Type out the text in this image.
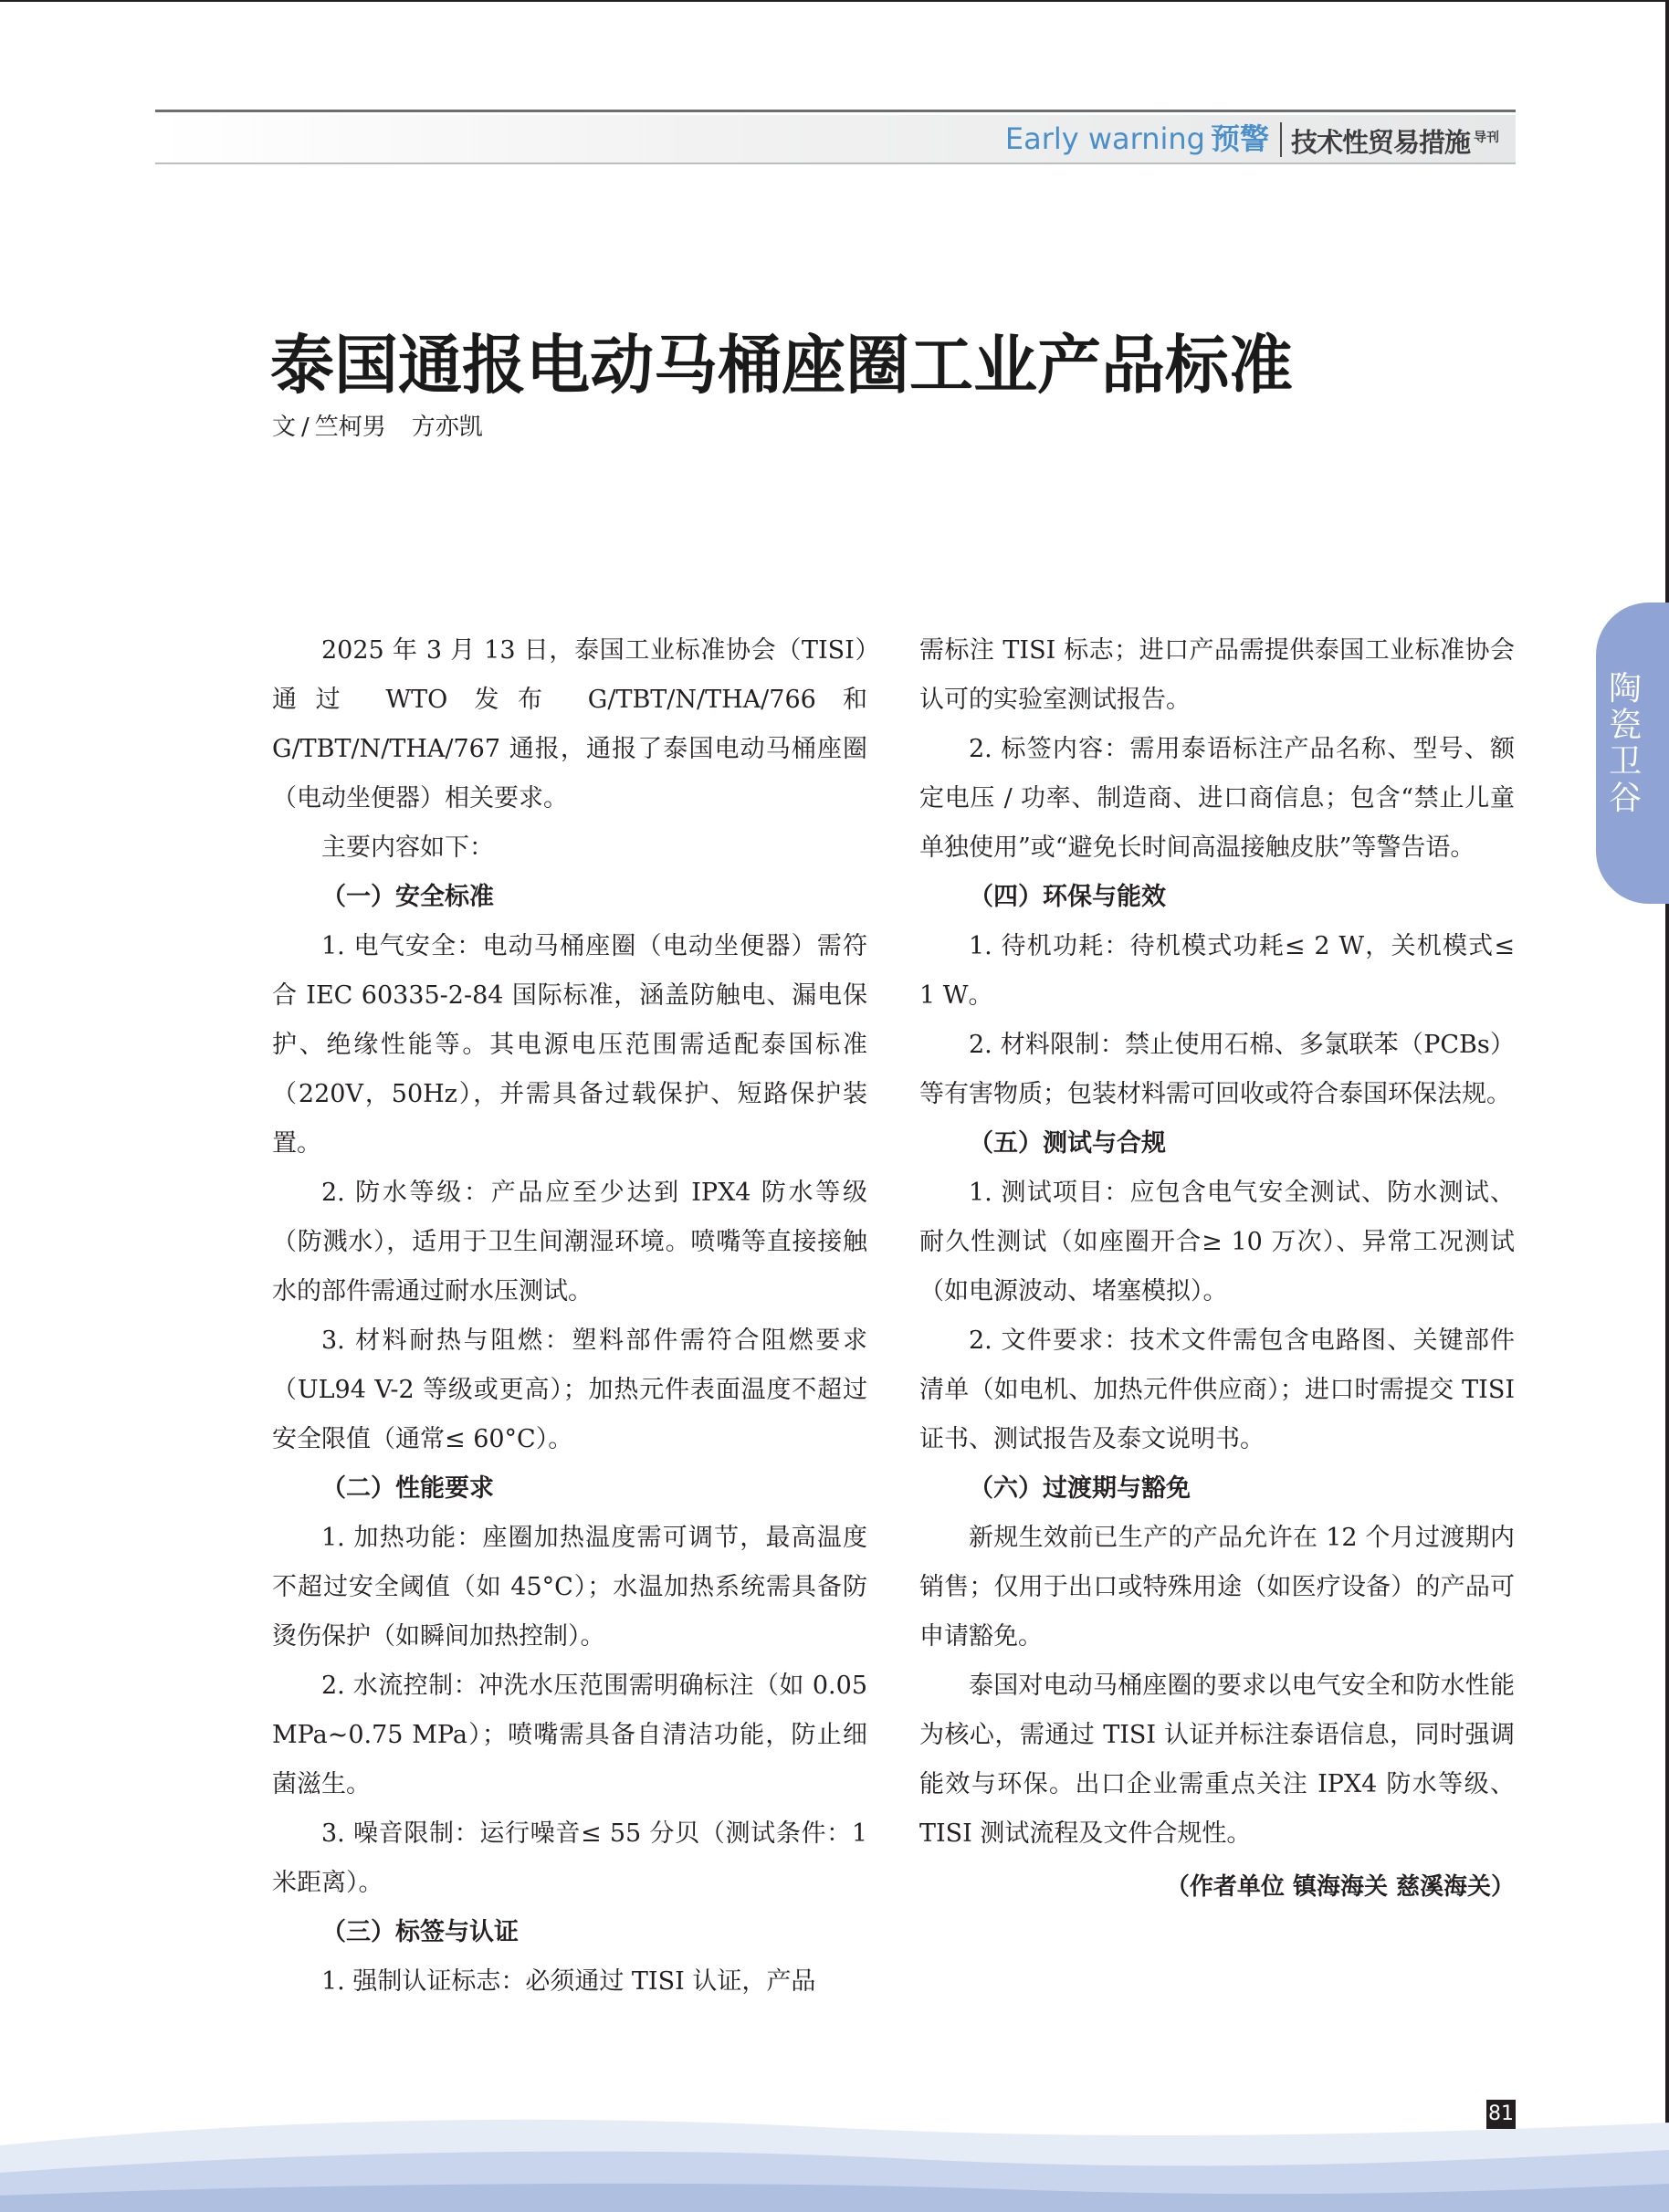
Early warning 预警 技术性贸易措施 导刊
泰国通报电动马桶座圈工业产品标准
文 / 竺柯男 方亦凯
陶
瓷
卫
谷

2025 年 3 月 13 日，泰国工业标准协会（TISI）通过 WTO 发布 G/TBT/N/THA/766 和 G/TBT/N/THA/767 通报，通报了泰国电动马桶座圈（电动坐便器）相关要求。

主要内容如下：

（一）安全标准

1. 电气安全：电动马桶座圈（电动坐便器）需符合 IEC 60335-2-84 国际标准，涵盖防触电、漏电保护、绝缘性能等。其电源电压范围需适配泰国标准（220V，50Hz），并需具备过载保护、短路保护装置。

2. 防水等级：产品应至少达到 IPX4 防水等级（防溅水），适用于卫生间潮湿环境。喷嘴等直接接触水的部件需通过耐水压测试。

3. 材料耐热与阻燃：塑料部件需符合阻燃要求（UL94 V-2 等级或更高）；加热元件表面温度不超过安全限值（通常≤ 60°C）。

（二）性能要求

1. 加热功能：座圈加热温度需可调节，最高温度不超过安全阈值（如 45°C）；水温加热系统需具备防烫伤保护（如瞬间加热控制）。

2. 水流控制：冲洗水压范围需明确标注（如 0.05 MPa~0.75 MPa）；喷嘴需具备自清洁功能，防止细菌滋生。

3. 噪音限制：运行噪音≤ 55 分贝（测试条件：1 米距离）。

（三）标签与认证

1. 强制认证标志：必须通过 TISI 认证，产品

需标注 TISI 标志；进口产品需提供泰国工业标准协会认可的实验室测试报告。

2. 标签内容：需用泰语标注产品名称、型号、额定电压 / 功率、制造商、进口商信息；包含“禁止儿童单独使用”或“避免长时间高温接触皮肤”等警告语。

（四）环保与能效

1. 待机功耗：待机模式功耗≤ 2 W，关机模式≤ 1 W。

2. 材料限制：禁止使用石棉、多氯联苯（PCBs）等有害物质；包装材料需可回收或符合泰国环保法规。

（五）测试与合规

1. 测试项目：应包含电气安全测试、防水测试、耐久性测试（如座圈开合≥ 10 万次）、异常工况测试（如电源波动、堵塞模拟）。

2. 文件要求：技术文件需包含电路图、关键部件清单（如电机、加热元件供应商）；进口时需提交 TISI 证书、测试报告及泰文说明书。

（六）过渡期与豁免

新规生效前已生产的产品允许在 12 个月过渡期内销售；仅用于出口或特殊用途（如医疗设备）的产品可申请豁免。

泰国对电动马桶座圈的要求以电气安全和防水性能为核心，需通过 TISI 认证并标注泰语信息，同时强调能效与环保。出口企业需重点关注 IPX4 防水等级、TISI 测试流程及文件合规性。

（作者单位 镇海海关 慈溪海关）

81
